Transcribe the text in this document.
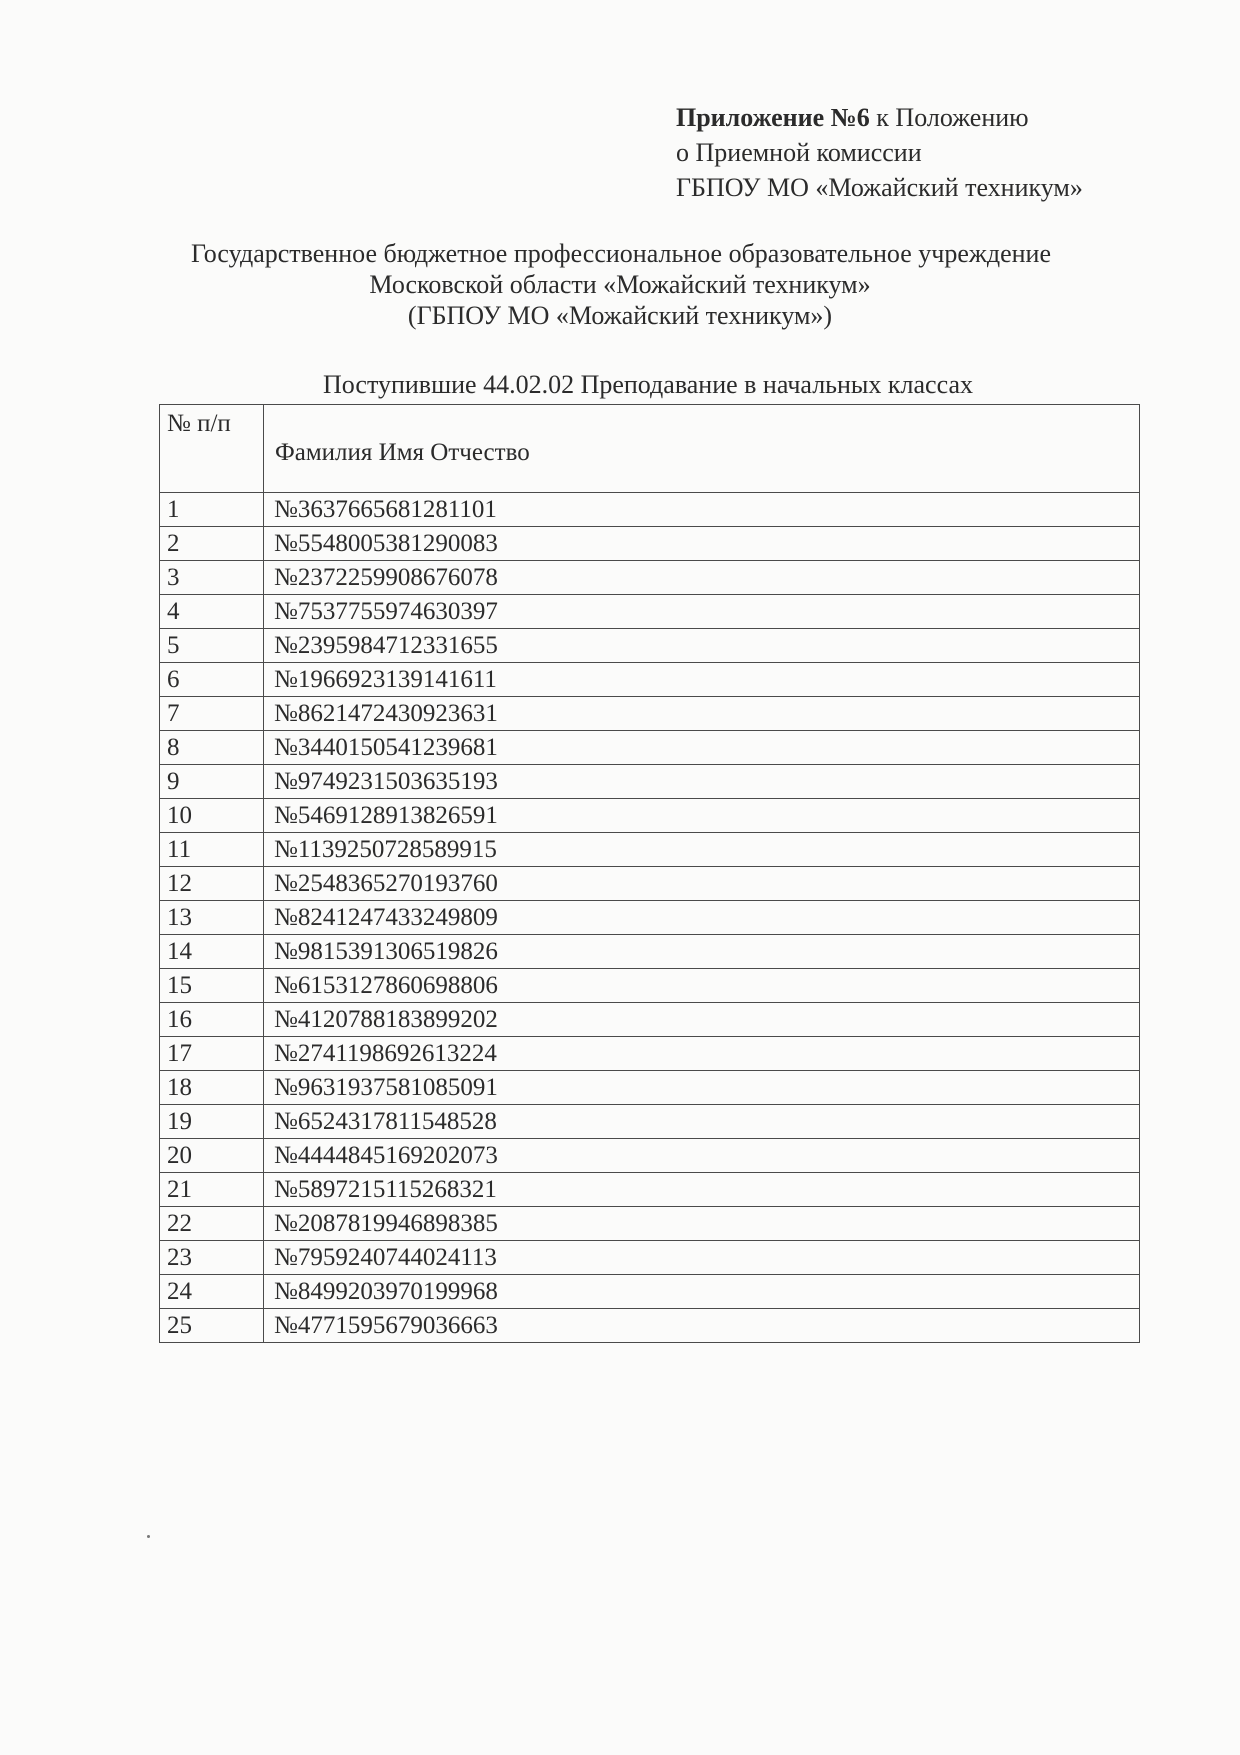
Приложение №6 к Положению
о Приемной комиссии
ГБПОУ МО «Можайский техникум»
Государственное бюджетное профессиональное образовательное учреждение
Московской области «Можайский техникум»
(ГБПОУ МО «Можайский техникум»)
Поступившие 44.02.02 Преподавание в начальных классах
№ п/п	Фамилия Имя Отчество
1	№3637665681281101
2	№5548005381290083
3	№2372259908676078
4	№7537755974630397
5	№2395984712331655
6	№1966923139141611
7	№8621472430923631
8	№3440150541239681
9	№9749231503635193
10	№5469128913826591
11	№1139250728589915
12	№2548365270193760
13	№8241247433249809
14	№9815391306519826
15	№6153127860698806
16	№4120788183899202
17	№2741198692613224
18	№9631937581085091
19	№6524317811548528
20	№4444845169202073
21	№5897215115268321
22	№2087819946898385
23	№7959240744024113
24	№8499203970199968
25	№4771595679036663
